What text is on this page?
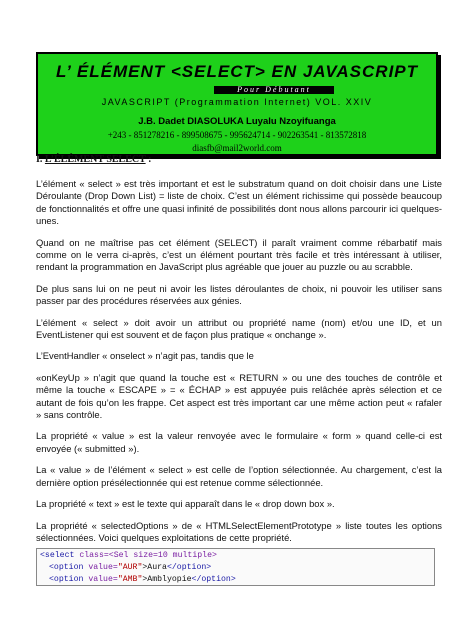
L’ ÉLÉMENT <SELECT> EN JAVASCRIPT
Pour Débutant
JAVASCRIPT (Programmation Internet) VOL. XXIV
J.B. Dadet DIASOLUKA Luyalu Nzoyifuanga
+243 - 851278216 - 899508675 - 995624714 - 902263541 - 813572818
diasfb@mail2world.com

I. L’ÉLÉMENT SELECT :

L’élément « select » est très important et est le substratum quand on doit choisir dans une Liste Déroulante (Drop Down List) = liste de choix. C’est un élément richissime qui possède beaucoup de fonctionnalités et offre une quasi infinité de possibilités dont nous allons parcourir ici quelques-unes.

Quand on ne maîtrise pas cet élément (SELECT) il paraît vraiment comme rébarbatif mais comme on le verra ci-après, c’est un élément pourtant très facile et très intéressant à utiliser, rendant la programmation en JavaScript plus agréable que jouer au puzzle ou au scrabble.

De plus sans lui on ne peut ni avoir les listes déroulantes de choix, ni pouvoir les utiliser sans passer par des procédures réservées aux génies.

L’élément « select » doit avoir un attribut ou propriété name (nom) et/ou une ID, et un EventListener qui est souvent et de façon plus pratique « onchange ».

L’EventHandler « onselect » n’agit pas, tandis que le

«onKeyUp » n’agit que quand la touche est « RETURN » ou une des touches de contrôle et même la touche « ESCAPE » = « ÉCHAP » est appuyée puis relâchée après sélection et ce autant de fois qu’on les frappe. Cet aspect est très important car une même action peut « rafaler » sans contrôle.

La propriété « value » est la valeur renvoyée avec le formulaire « form » quand celle-ci est envoyée (« submitted »).

La « value » de l’élément « select » est celle de l’option sélectionnée. Au chargement, c’est la dernière option présélectionnée qui est retenue comme sélectionnée.

La propriété « text » est le texte qui apparaît dans le « drop down box ».

La propriété « selectedOptions » de « HTMLSelectElementPrototype » liste toutes les options sélectionnées. Voici quelques exploitations de cette propriété.

<select class=<Sel size=10 multiple>
<option value="AUR">Aura</option>
<option value="AMB">Amblyopie</option>
